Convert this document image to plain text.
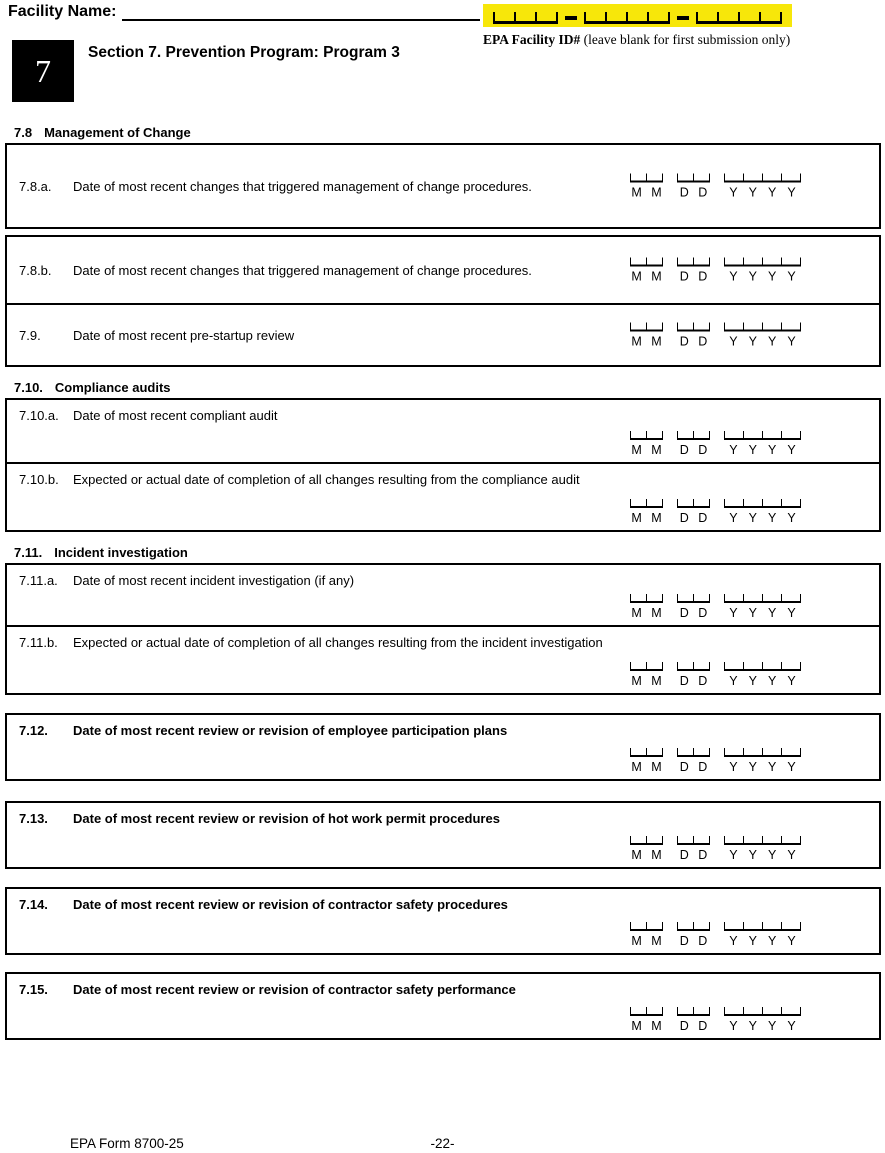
Facility Name:
EPA Facility ID# (leave blank for first submission only)
7	Section 7. Prevention Program: Program 3
7.8 Management of Change
7.8.a.	Date of most recent changes that triggered management of change procedures.	M M D D Y Y Y Y
7.8.b.	Date of most recent changes that triggered management of change procedures.	M M D D Y Y Y Y
7.9.	Date of most recent pre-startup review	M M D D Y Y Y Y
7.10. Compliance audits
7.10.a.	Date of most recent compliant audit
M M D D Y Y Y Y
7.10.b.	Expected or actual date of completion of all changes resulting from the compliance audit
M M D D Y Y Y Y
7.11. Incident investigation
7.11.a.	Date of most recent incident investigation (if any)
M M D D Y Y Y Y
7.11.b.	Expected or actual date of completion of all changes resulting from the incident investigation
M M D D Y Y Y Y
7.12.	Date of most recent review or revision of employee participation plans
M M D D Y Y Y Y
7.13.	Date of most recent review or revision of hot work permit procedures
M M D D Y Y Y Y
7.14.	Date of most recent review or revision of contractor safety procedures
M M D D Y Y Y Y
7.15.	Date of most recent review or revision of contractor safety performance
M M D D Y Y Y Y
EPA Form 8700-25	-22-
